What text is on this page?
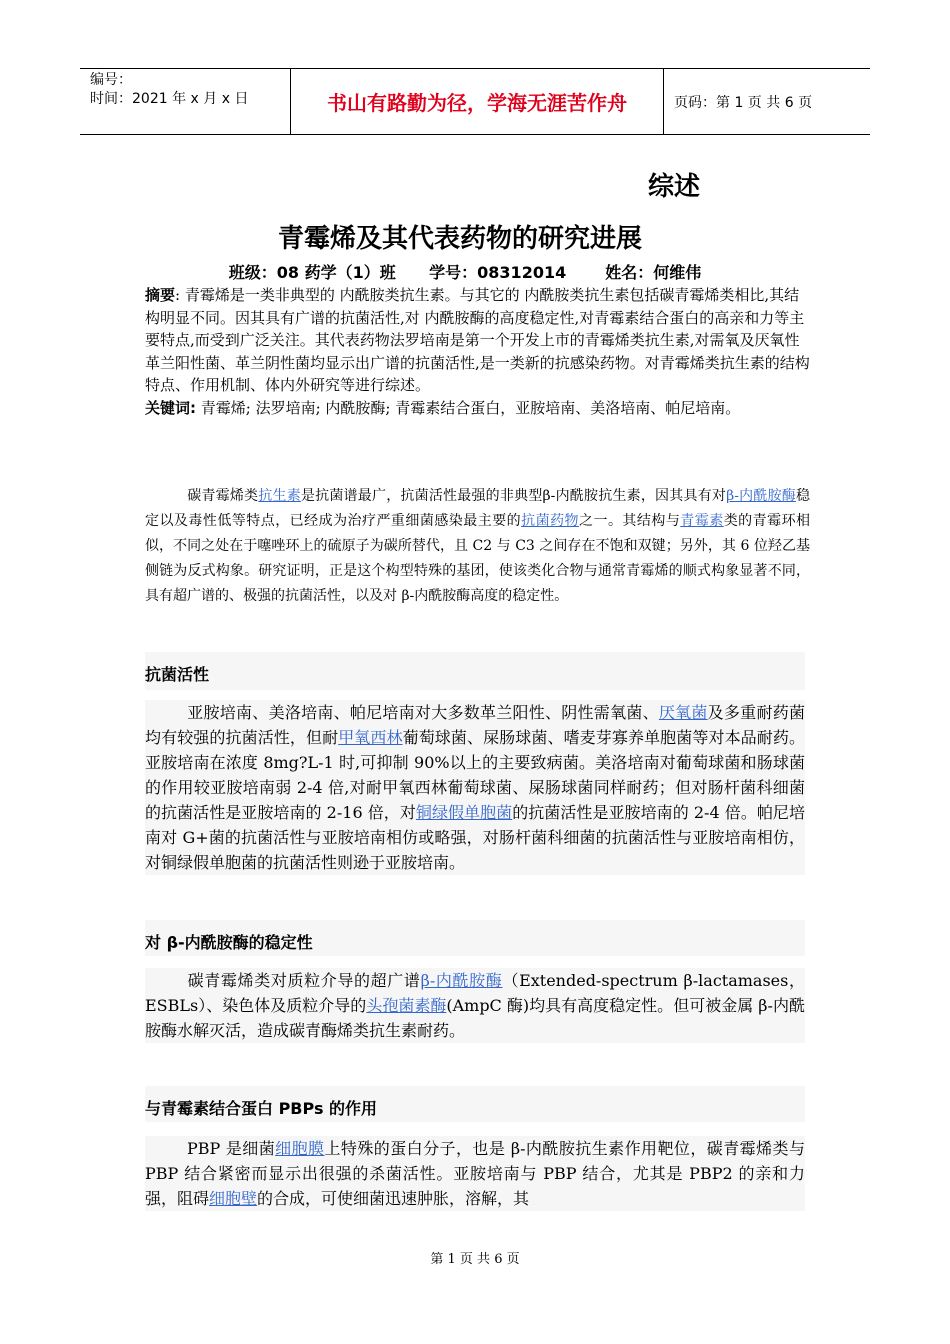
编号：
时间：2021 年 x 月 x 日	书山有路勤为径，学海无涯苦作舟	页码：第 1 页 共 6 页
综述
青霉烯及其代表药物的研究进展
班级：08 药学（1）班      学号：08312014       姓名：何维伟
摘要: 青霉烯是一类非典型的 内酰胺类抗生素。与其它的 内酰胺类抗生素包括碳青霉烯类相比,其结构明显不同。因其具有广谱的抗菌活性,对 内酰胺酶的高度稳定性,对青霉素结合蛋白的高亲和力等主要特点,而受到广泛关注。其代表药物法罗培南是第一个开发上市的青霉烯类抗生素,对需氧及厌氧性革兰阳性菌、革兰阴性菌均显示出广谱的抗菌活性,是一类新的抗感染药物。对青霉烯类抗生素的结构特点、作用机制、体内外研究等进行综述。
关键词: 青霉烯; 法罗培南; 内酰胺酶; 青霉素结合蛋白，亚胺培南、美洛培南、帕尼培南。
碳青霉烯类抗生素是抗菌谱最广，抗菌活性最强的非典型β-内酰胺抗生素，因其具有对β-内酰胺酶稳定以及毒性低等特点，已经成为治疗严重细菌感染最主要的抗菌药物之一。其结构与青霉素类的青霉环相似，不同之处在于噻唑环上的硫原子为碳所替代，且 C2 与 C3 之间存在不饱和双键；另外，其 6 位羟乙基侧链为反式构象。研究证明，正是这个构型特殊的基团，使该类化合物与通常青霉烯的顺式构象显著不同，具有超广谱的、极强的抗菌活性，以及对 β-内酰胺酶高度的稳定性。
抗菌活性

亚胺培南、美洛培南、帕尼培南对大多数革兰阳性、阴性需氧菌、厌氧菌及多重耐药菌均有较强的抗菌活性，但耐甲氧西林葡萄球菌、屎肠球菌、嗜麦芽寡养单胞菌等对本品耐药。亚胺培南在浓度 8mg?L-1 时,可抑制 90%以上的主要致病菌。美洛培南对葡萄球菌和肠球菌的作用较亚胺培南弱 2-4 倍,对耐甲氧西林葡萄球菌、屎肠球菌同样耐药；但对肠杆菌科细菌的抗菌活性是亚胺培南的 2-16 倍，对铜绿假单胞菌的抗菌活性是亚胺培南的 2-4 倍。帕尼培南对 G+菌的抗菌活性与亚胺培南相仿或略强，对肠杆菌科细菌的抗菌活性与亚胺培南相仿，对铜绿假单胞菌的抗菌活性则逊于亚胺培南。

对 β-内酰胺酶的稳定性

碳青霉烯类对质粒介导的超广谱β-内酰胺酶（Extended-spectrum β-lactamases，ESBLs）、染色体及质粒介导的头孢菌素酶(AmpC 酶)均具有高度稳定性。但可被金属 β-内酰胺酶水解灭活，造成碳青酶烯类抗生素耐药。

与青霉素结合蛋白 PBPs 的作用

PBP 是细菌细胞膜上特殊的蛋白分子，也是 β-内酰胺抗生素作用靶位，碳青霉烯类与 PBP 结合紧密而显示出很强的杀菌活性。亚胺培南与 PBP 结合，尤其是 PBP2 的亲和力强，阻碍细胞壁的合成，可使细菌迅速肿胀，溶解，其

第 1 页 共 6 页
